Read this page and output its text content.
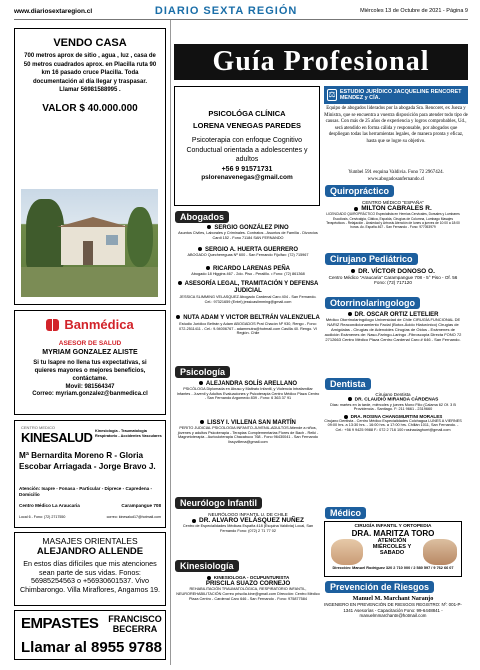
www.diariosextaregion.cl	DIARIO SEXTA REGIÓN	Miércoles 13 de Octubre de 2021 - Página 9
VENDO CASA
700 metros aprox de sitio , agua , luz , casa de 50 metros cuadrados aprox. en Placilla ruta 90 km 16 pasado cruce Placilla. Toda documentación al día llegar y traspasar. Llamar 56981588995 .
VALOR $ 40.000.000
Banmédica
ASESOR DE SALUD
MYRIAM GONZALEZ ALISTE
Si tu Isapre no llena tus expectativas, si quieres mayores o mejores beneficios, contáctame.
Movil: 981564347
Correo: myriam.gonzalez@banmedica.cl
CENTRO MEDICO
KINESALUD Kinesiología - Traumatología Respiratorio - Accidentes Vasculares
Mª Bernardita Moreno R - Gloria Escobar Arriagada - Jorge Bravo J.
Atención: Isapre - Fonasa - Particular - Diprece - Capredena - Domicilio
Centro Médico La Araucaria	Carampangue 708
Local 6 - Fono: (72) 2717550	correo: kinesalud17@hotmail.com
MASAJES ORIENTALES
ALEJANDRO ALLENDE
En estos días difíciles que mis atenciones sean parte de sus vidas. Fonos: 56985254563 o +56930601537. Vivo Chimbarongo. Villa Miraflores, Angamos 19.
EMPASTES FRANCISCO BECERRA
Llamar al 8955 9788
Guía Profesional
PSICOLÓGA CLÍNICA
LORENA VENEGAS PAREDES
Psicoterapia con enfoque Cognitivo Conductual orientada a adolescentes y adultos
+56 9 91571731
pslorenavenegas@gmail.com
Abogados
SERGIO GONZÁLEZ PINO
Asuntos Civiles, Laborales y Criminales. Contratos - Asuntos de Familia - Divorcios Cardi 152 - Fono 71184 SAN FERNANDO
SERGIO A. HUERTA GUERRERO
ABOGADO Quechereguas Nº 600 - San Fernando Fijo/fax: (72) 715967
RICARDO LARENAS PEÑA
Abogado 18 Higgins 467 - 2do. Piso - Peralillo. • Fono: (72) 861368
ASESORÍA LEGAL, TRAMITACIÓN Y DEFENSA JUDICIAL
JESSICA SLIMMING VELASQUEZ Abogado Cardenal Caro 404 - San Fernando. Cel.: 97321659 (Entel) jessicaslimming@gmail.com
NUTA ADAM Y VICTOR BELTRÁN VALENZUELA
Estudio Jurídico Beltrán y Adam ABOGADOS Prat Chacón Nº 930, Rengo - Fono: 072-2511411 - Cel.: 9-94006767 - adammutra@hotmail.com Casilla 40. Rengo. VI Región. Chile
Psicología
ALEJANDRA SOLÍS ARELLANO
PSICÓLOGA Diplomada en Abuso y Maltrato Infantil, y Violencia Intrafamiliar Infantes - Juvenil y Adultos Evaluaciones y Psicoterapia Centro Médico Plaza Centro - San Fernando Argomedo 839 - Fono: 6 363 37 91
LISSY I. VILLENA SAN MARTÍN
PERITO JUDICIAL PSICOLOGIA INFANTO-JUVENIL-ADULTOS Atiende a niños, jóvenes y adultos Psicoterapia - Terapias Complementarias Flores de Bach - Reiki - Magnetoterapia - Auriculoterapia Chacabuco 768 - Fono 96430041 - San Fernando lissyvillena@gmail.com
Neurólogo Infantil
NEURÓLOGO INFANTIL U. DE CHILE
DR. ALVARO VELÁSQUEZ NUÑEZ
Centro de Especialidades Médicas España 418 (Esquina Valdivia) Local, San Fernando Fono: (072) 2 71 77 02
Kinesiología
KINESIOLOGA - OCUPUNTURISTA
PRISCILA SUAZO CORNEJO
REHABILITACIÓN TRAUMATOLÓGICA, RESPIRATORIO INFANTIL, NEUROREHABILITACIÓN Correo priscila.kine@gmail.com Dirección: Centro Médico Plaza Centro - Cardenal Caro 646 - San Fernando - Fono: 975877584
⚖ ESTUDIO JURÍDICO JACQUELINE RENCORET MENDEZ y CÍA.
Equipo de abogados liderados por la abogada Sra. Rencoret, ex Jueza y Ministra, que se encuentra a vuestra disposición para atender todo tipo de causas. Con más de 25 años de experiencia y logros comprobables, Ud., será atendido en forma cálida y responsable, por abogados que despliegan todas las herramientas legales, de manera pronta y eficaz, hasta que se logre su objetivo.
Yumbel 591 esquina Valdivia. Fono 72 2967424. www.abogadosanfernando.cl
Quiropráctico
CENTRO MÉDICO "ESPAÑA"
MILTON CABRALES R.
LICENCIADO QUIROPRÁCTICO Especialista en Hernias Cervicales, Dorsales y Lumbares Escoliosis, Cervicalgia, Ciática, Espalda, Cirugías de Columna, Lumbago Masajes Terapéuticos - Relajación - Ansiedad y Artrosis Atención de lunes a jueves de 10:00 a 18:00 horas. Av. España 467 - San Fernando - Fono: 977053979
Cirujano Pediátrico
DR. VÍCTOR DONOSO O.
Centro Médico "Araucaria" Carampangue 708 - 5° Piso - Of. 56 Fono: (72) 717120
Otorrinolaringologo
DR. OSCAR ORTIZ LETELIER
Médico Otorrinolaringólogo Universidad de Chile CIRUGÍA FUNCIONAL DE NARIZ Reacondicionamiento Facial (Botox-Ácido Hialurónico) Cirugías de Amígdalas - Cirugías de Adenoides Cirugías de Oídos - Exámenes de audición Exámenes de: Naso-Faringo-Laringo -Fibroscopia Directa FONO 72 2712663 Centro Médico Plaza Centro Cardenal Caro # 646 - San Fernando.
Dentista
Cirujano Dentista
DR. CLAUDIO MIRANDA CÁRDENAS
Dias: martes en la tarde, miércoles y jueves Mono Filio (Calama 62 Of. 3 B Providencia - Santiago. F: 211 9661 - 2319660
DRA. ROSINA CHANGMURTINI MORALES
Cirujano Dentista - Centro Médico Especialidades Colchagua LUNES A VIERNES 09:00 hrs. a 13:30 hrs. - 16:00 hrs. a 17:00 hrs. Chillán 1011, San Fernando. - Cel.: +56 9 9425 9988 F.: 072 2 716 100 rosinaciaghorri@gmail.com
Médico
CIRUGÍA INFANTIL Y ORTOPEDIA
DRA. MARITZA TORO
ATENCIÓN MIÉRCOLES Y SABADO
Dirección: Manuel Rodríguez 320 2 710 000 / 2 580 597 / 9 762 66 07
Prevención de Riesgos
Manuel M. Marchant Naranjo
INGENIERO EN PREVENCIÓN DE RIESGOS REGISTRO: Nº: 001-P-1341 Asesorías - Capacitación Fono: 99-6448841 - manuelmmarchantn@hotmail.com
